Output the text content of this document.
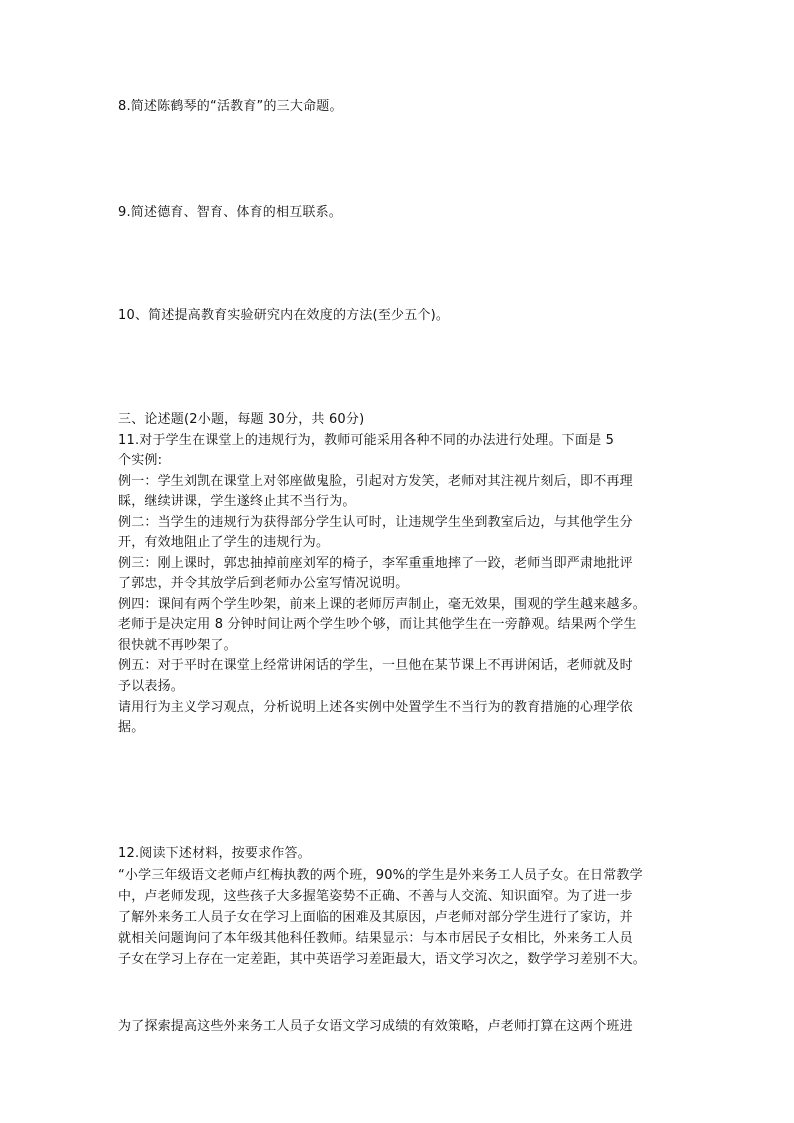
8.简述陈鹤琴的“活教育”的三大命题。
9.简述德育、智育、体育的相互联系。
10、简述提高教育实验研究内在效度的方法(至少五个)。
三、论述题(2小题，每题 30分，共 60分)
11.对于学生在课堂上的违规行为，教师可能采用各种不同的办法进行处理。下面是 5
个实例:
例一：学生刘凯在课堂上对邻座做鬼脸，引起对方发笑，老师对其注视片刻后，即不再理
睬，继续讲课，学生遂终止其不当行为。
例二：当学生的违规行为获得部分学生认可时，让违规学生坐到教室后边，与其他学生分
开，有效地阻止了学生的违规行为。
例三：刚上课时，郭忠抽掉前座刘军的椅子，李军重重地摔了一跤，老师当即严肃地批评
了郭忠，并令其放学后到老师办公室写情况说明。
例四：课间有两个学生吵架，前来上课的老师厉声制止，毫无效果，围观的学生越来越多。
老师于是决定用 8 分钟时间让两个学生吵个够，而让其他学生在一旁静观。结果两个学生
很快就不再吵架了。
例五：对于平时在课堂上经常讲闲话的学生，一旦他在某节课上不再讲闲话，老师就及时
予以表扬。
请用行为主义学习观点，分析说明上述各实例中处置学生不当行为的教育措施的心理学依
据。
12.阅读下述材料，按要求作答。
“小学三年级语文老师卢红梅执教的两个班，90%的学生是外来务工人员子女。在日常教学
中，卢老师发现，这些孩子大多握笔姿势不正确、不善与人交流、知识面窄。为了进一步
了解外来务工人员子女在学习上面临的困难及其原因，卢老师对部分学生进行了家访，并
就相关问题询问了本年级其他科任教师。结果显示：与本市居民子女相比，外来务工人员
子女在学习上存在一定差距，其中英语学习差距最大，语文学习次之，数学学习差别不大。
为了探索提高这些外来务工人员子女语文学习成绩的有效策略，卢老师打算在这两个班进
